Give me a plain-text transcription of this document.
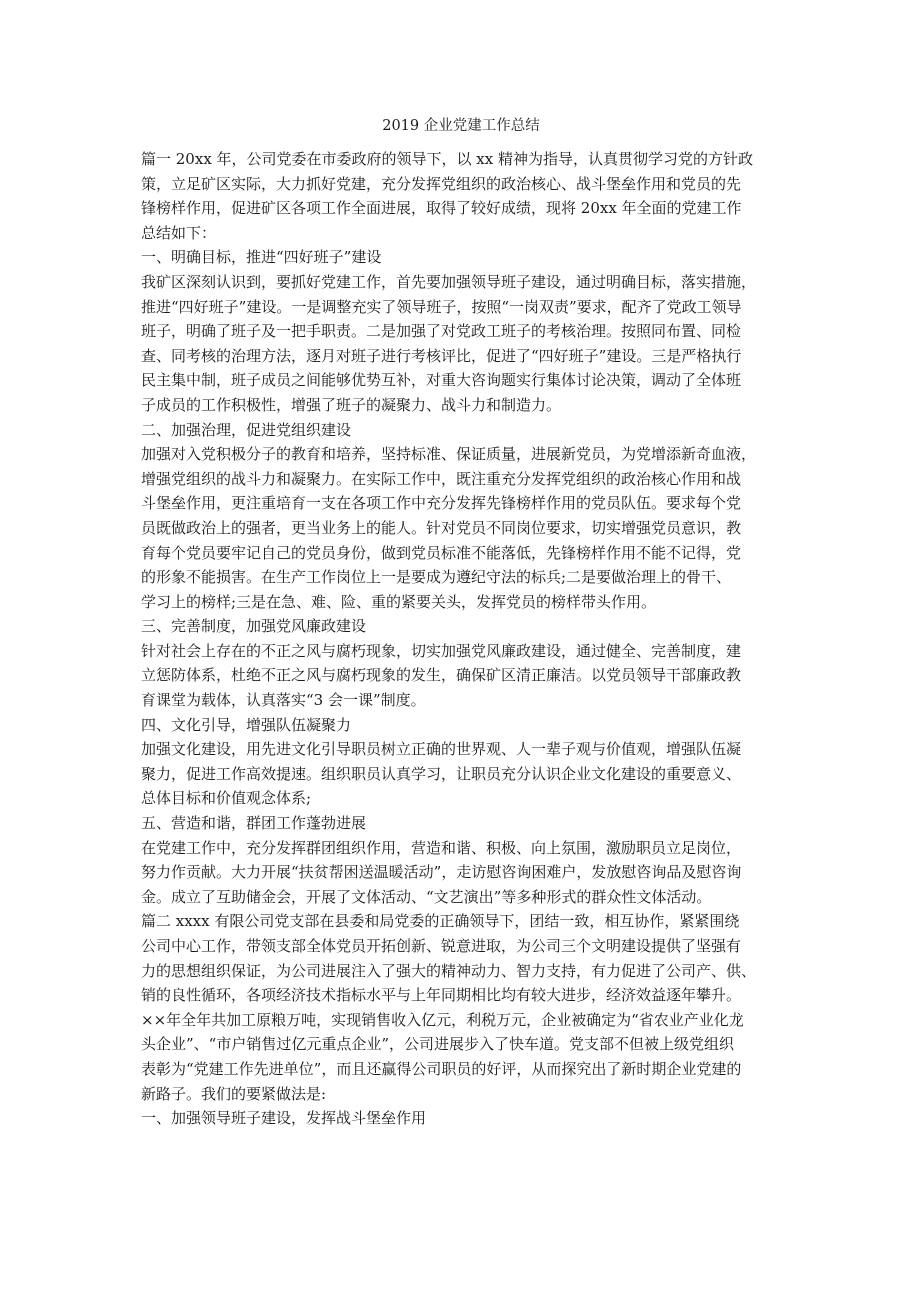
2019 企业党建工作总结

篇一 20xx 年，公司党委在市委政府的领导下，以 xx 精神为指导，认真贯彻学习党的方针政

策，立足矿区实际，大力抓好党建，充分发挥党组织的政治核心、战斗堡垒作用和党员的先

锋榜样作用，促进矿区各项工作全面进展，取得了较好成绩，现将 20xx 年全面的党建工作

总结如下：

一、明确目标，推进“四好班子”建设

我矿区深刻认识到，要抓好党建工作，首先要加强领导班子建设，通过明确目标，落实措施，

推进“四好班子”建设。一是调整充实了领导班子，按照“一岗双责”要求，配齐了党政工领导

班子，明确了班子及一把手职责。二是加强了对党政工班子的考核治理。按照同布置、同检

查、同考核的治理方法，逐月对班子进行考核评比，促进了“四好班子”建设。三是严格执行

民主集中制，班子成员之间能够优势互补，对重大咨询题实行集体讨论决策，调动了全体班

子成员的工作积极性，增强了班子的凝聚力、战斗力和制造力。

二、加强治理，促进党组织建设

加强对入党积极分子的教育和培养，坚持标准、保证质量，进展新党员，为党增添新奇血液，

增强党组织的战斗力和凝聚力。在实际工作中，既注重充分发挥党组织的政治核心作用和战

斗堡垒作用，更注重培育一支在各项工作中充分发挥先锋榜样作用的党员队伍。要求每个党

员既做政治上的强者，更当业务上的能人。针对党员不同岗位要求，切实增强党员意识，教

育每个党员要牢记自己的党员身份，做到党员标准不能落低，先锋榜样作用不能不记得，党

的形象不能损害。在生产工作岗位上一是要成为遵纪守法的标兵;二是要做治理上的骨干、

学习上的榜样;三是在急、难、险、重的紧要关头，发挥党员的榜样带头作用。

三、完善制度，加强党风廉政建设

针对社会上存在的不正之风与腐朽现象，切实加强党风廉政建设，通过健全、完善制度，建

立惩防体系，杜绝不正之风与腐朽现象的发生，确保矿区清正廉洁。以党员领导干部廉政教

育课堂为载体，认真落实“3 会一课”制度。

四、文化引导，增强队伍凝聚力

加强文化建设，用先进文化引导职员树立正确的世界观、人一辈子观与价值观，增强队伍凝

聚力，促进工作高效提速。组织职员认真学习，让职员充分认识企业文化建设的重要意义、

总体目标和价值观念体系;

五、营造和谐，群团工作蓬勃进展

在党建工作中，充分发挥群团组织作用，营造和谐、积极、向上氛围，激励职员立足岗位，

努力作贡献。大力开展“扶贫帮困送温暖活动”，走访慰咨询困难户，发放慰咨询品及慰咨询

金。成立了互助储金会，开展了文体活动、“文艺演出”等多种形式的群众性文体活动。

篇二 xxxx 有限公司党支部在县委和局党委的正确领导下，团结一致，相互协作，紧紧围绕

公司中心工作，带领支部全体党员开拓创新、锐意进取，为公司三个文明建设提供了坚强有

力的思想组织保证，为公司进展注入了强大的精神动力、智力支持，有力促进了公司产、供、

销的良性循环，各项经济技术指标水平与上年同期相比均有较大进步，经济效益逐年攀升。

××年全年共加工原粮万吨，实现销售收入亿元，利税万元，企业被确定为“省农业产业化龙

头企业”、“市户销售过亿元重点企业”，公司进展步入了快车道。党支部不但被上级党组织

表彰为“党建工作先进单位”，而且还赢得公司职员的好评，从而探究出了新时期企业党建的

新路子。我们的要紧做法是:

一、加强领导班子建设，发挥战斗堡垒作用
